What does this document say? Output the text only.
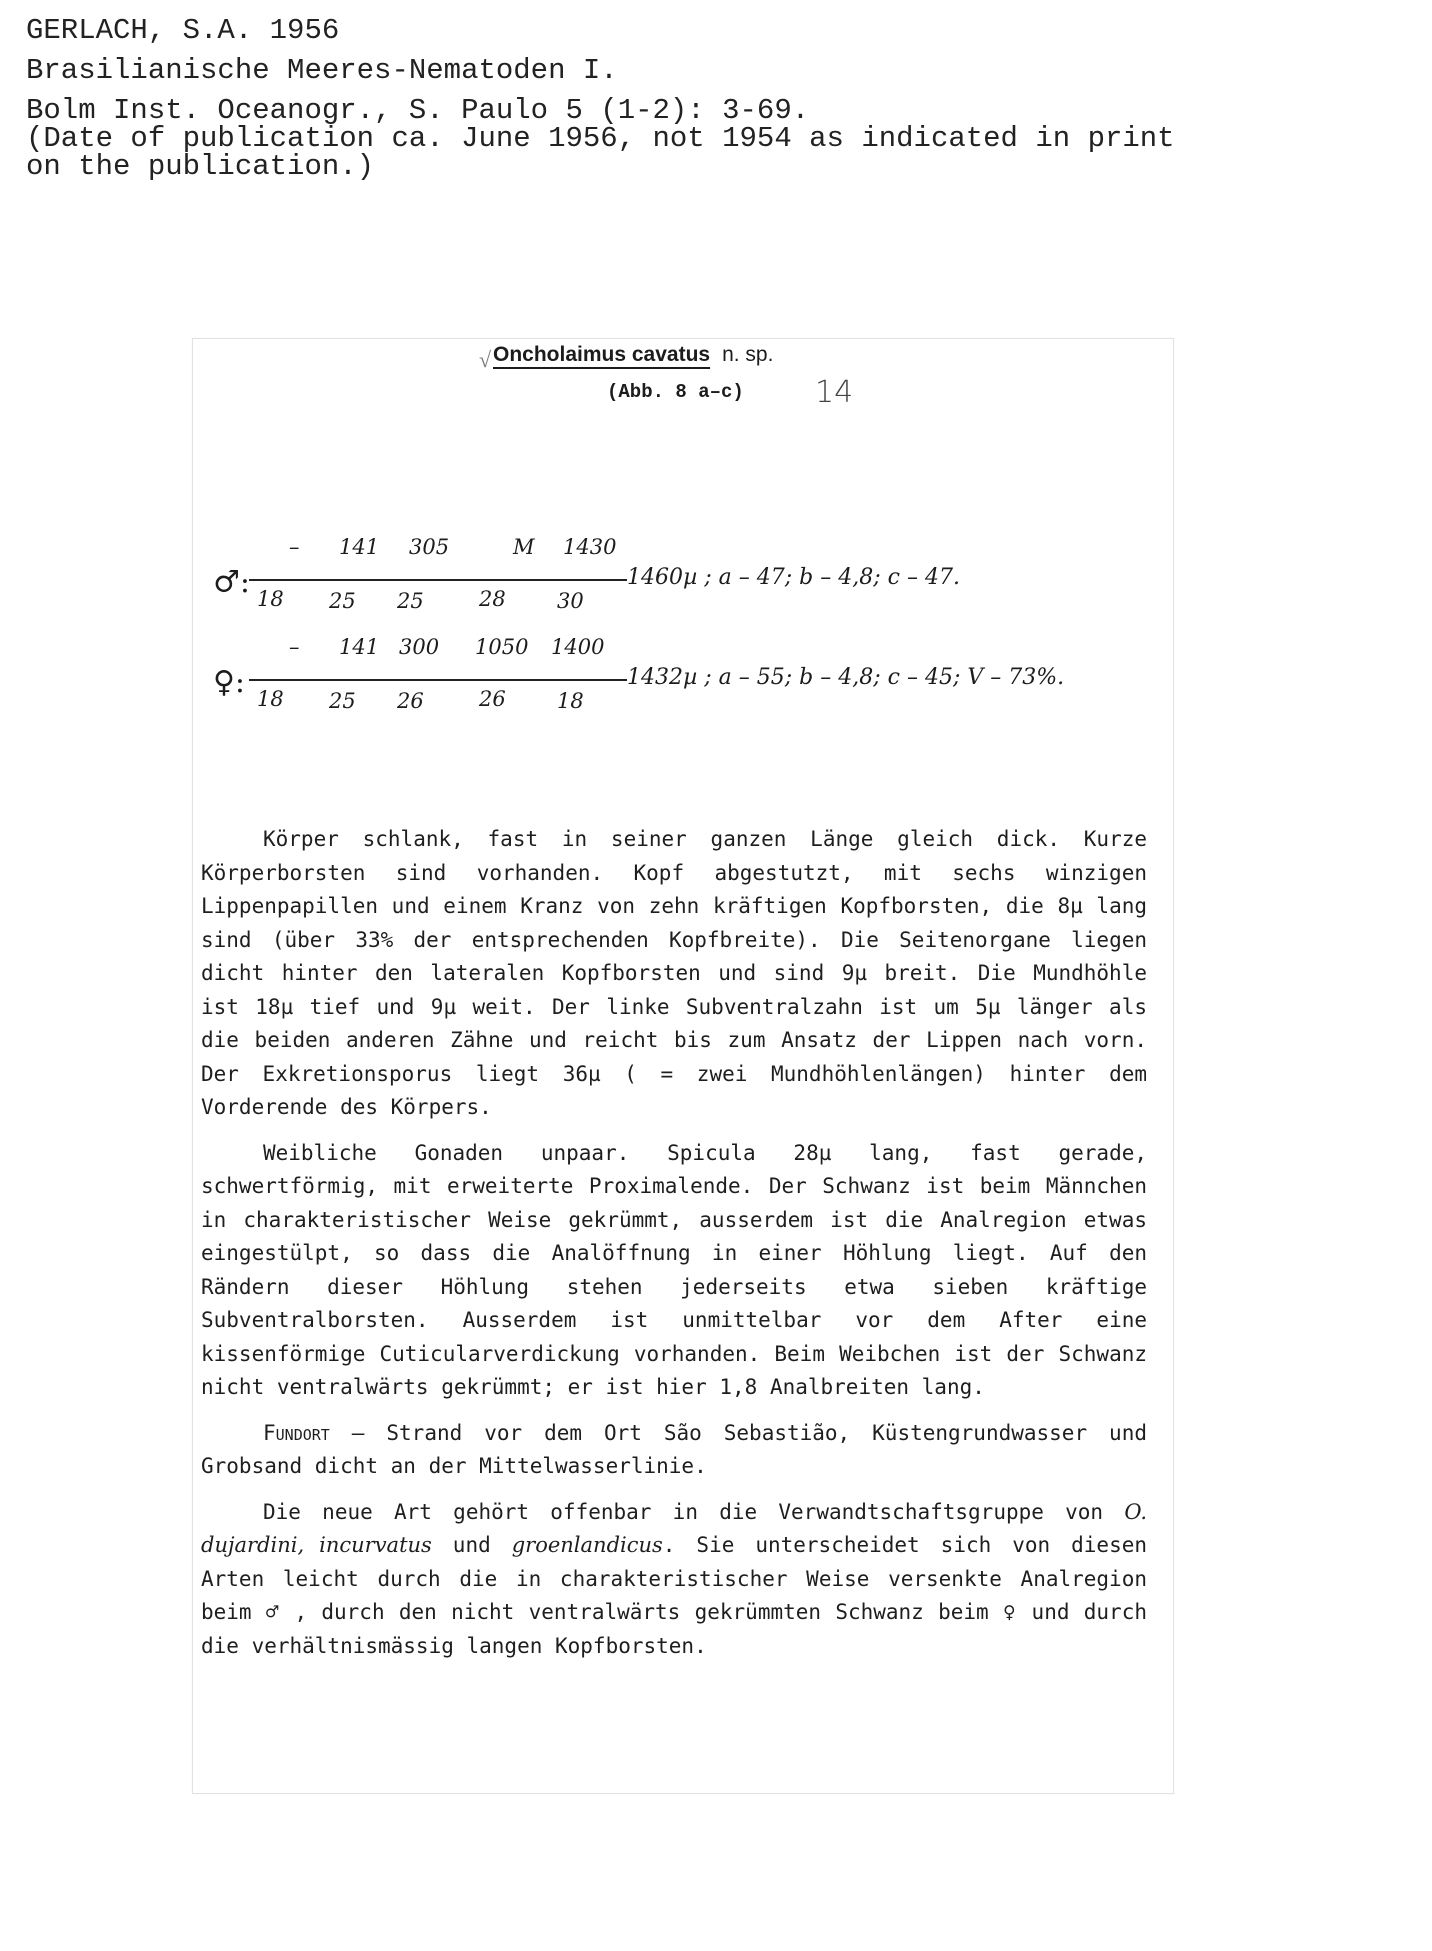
GERLACH, S.A. 1956
Brasilianische Meeres-Nematoden I.
Bolm Inst. Oceanogr., S. Paulo 5 (1-2): 3-69.
(Date of publication ca. June 1956, not 1954 as indicated in print
on the publication.)
√ Oncholaimus cavatus n. sp.
(Abb. 8 a–c) 14
♂:
– 141 305	M 1430
18 25 25	28 30
1460µ ; a – 47; b – 4,8; c – 47.
♀:
– 141 300 1050 1400
18 25 26	26 18
1432µ ; a – 55; b – 4,8; c – 45; V – 73%.

Körper schlank, fast in seiner ganzen Länge gleich dick. Kurze Körperborsten sind vorhanden. Kopf abgestutzt, mit sechs winzigen Lippenpapillen und einem Kranz von zehn kräftigen Kopfborsten, die 8µ lang sind (über 33% der entsprechenden Kopfbreite). Die Seitenorgane liegen dicht hinter den lateralen Kopfborsten und sind 9µ breit. Die Mundhöhle ist 18µ tief und 9µ weit. Der linke Subventralzahn ist um 5µ länger als die beiden anderen Zähne und reicht bis zum Ansatz der Lippen nach vorn. Der Exkretionsporus liegt 36µ ( = zwei Mundhöhlenlängen) hinter dem Vorderende des Körpers.

Weibliche Gonaden unpaar. Spicula 28µ lang, fast gerade, schwertförmig, mit erweiterte Proximalende. Der Schwanz ist beim Männchen in charakteristischer Weise gekrümmt, ausserdem ist die Analregion etwas eingestülpt, so dass die Analöffnung in einer Höhlung liegt. Auf den Rändern dieser Höhlung stehen jederseits etwa sieben kräftige Subventralborsten. Ausserdem ist unmittelbar vor dem After eine kissenförmige Cuticularverdickung vorhanden. Beim Weibchen ist der Schwanz nicht ventralwärts gekrümmt; er ist hier 1,8 Analbreiten lang.

Fundort – Strand vor dem Ort São Sebastião, Küstengrundwasser und Grobsand dicht an der Mittelwasserlinie.

Die neue Art gehört offenbar in die Verwandtschaftsgruppe von O. dujardini, incurvatus und groenlandicus. Sie unterscheidet sich von diesen Arten leicht durch die in charakteristischer Weise versenkte Analregion beim ♂ , durch den nicht ventralwärts gekrümmten Schwanz beim ♀ und durch die verhältnismässig langen Kopfborsten.
